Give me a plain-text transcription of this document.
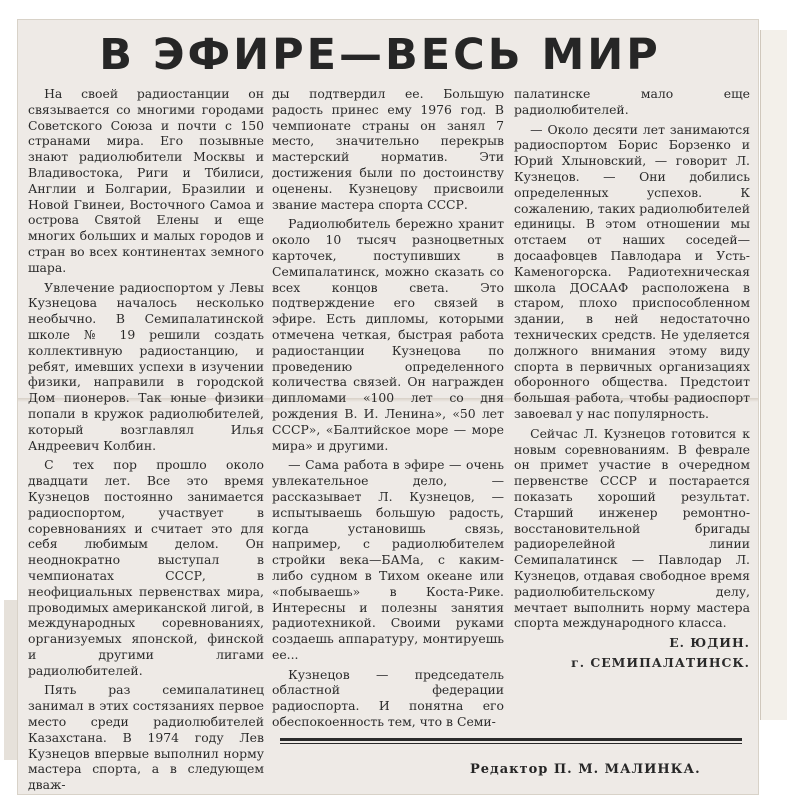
В ЭФИРЕ—ВЕСЬ МИР

На своей радиостанции он связывается со многими городами Советского Союза и почти с 150 странами мира. Его позывные знают радиолюбители Москвы и Владивостока, Риги и Тбилиси, Англии и Болгарии, Бразилии и Новой Гвинеи, Восточного Самоа и острова Святой Елены и еще многих больших и малых городов и стран во всех континентах земного шара.

Увлечение радиоспортом у Левы Кузнецова началось несколько необычно. В Семипалатинской школе № 19 решили создать коллективную радиостанцию, и ребят, имевших успехи в изучении физики, направили в городской Дом пионеров. Так юные физики попали в кружок радиолюбителей, который возглавлял Илья Андреевич Колбин.

С тех пор прошло около двадцати лет. Все это время Кузнецов постоянно занимается радиоспортом, участвует в соревнованиях и считает это для себя любимым делом. Он неоднократно выступал в чемпионатах СССР, в неофициальных первенствах мира, проводимых американской лигой, в международных соревнованиях, организуемых японской, финской и другими лигами радиолюбителей.

Пять раз семипалатинец занимал в этих состязаниях первое место среди радиолюбителей Казахстана. В 1974 году Лев Кузнецов впервые выполнил норму мастера спорта, а в следующем дваж-

ды подтвердил ее. Большую радость принес ему 1976 год. В чемпионате страны он занял 7 место, значительно перекрыв мастерский норматив. Эти достижения были по достоинству оценены. Кузнецову присвоили звание мастера спорта СССР.

Радиолюбитель бережно хранит около 10 тысяч разноцветных карточек, поступивших в Семипалатинск, можно сказать со всех концов света. Это подтверждение его связей в эфире. Есть дипломы, которыми отмечена четкая, быстрая работа радиостанции Кузнецова по проведению определенного количества связей. Он награжден дипломами «100 лет со дня рождения В. И. Ленина», «50 лет СССР», «Балтийское море — море мира» и другими.

— Сама работа в эфире — очень увлекательное дело, — рассказывает Л. Кузнецов, — испытываешь большую радость, когда установишь связь, например, с радиолюбителем стройки века—БАМа, с каким-либо судном в Тихом океане или «побываешь» в Коста-Рике. Интересны и полезны занятия радиотехникой. Своими руками создаешь аппаратуру, монтируешь ее...

Кузнецов — председатель областной федерации радиоспорта. И понятна его обеспокоенность тем, что в Семи-

палатинске мало еще радиолюбителей.

— Около десяти лет занимаются радиоспортом Борис Борзенко и Юрий Хлыновский, — говорит Л. Кузнецов. — Они добились определенных успехов. К сожалению, таких радиолюбителей единицы. В этом отношении мы отстаем от наших соседей—досаафовцев Павлодара и Усть-Каменогорска. Радиотехническая школа ДОСААФ расположена в старом, плохо приспособленном здании, в ней недостаточно технических средств. Не уделяется должного внимания этому виду спорта в первичных организациях оборонного общества. Предстоит большая работа, чтобы радиоспорт завоевал у нас популярность.

Сейчас Л. Кузнецов готовится к новым соревнованиям. В феврале он примет участие в очередном первенстве СССР и постарается показать хороший результат. Старший инженер ремонтно-восстановительной бригады радиорелейной линии Семипалатинск — Павлодар Л. Кузнецов, отдавая свободное время радиолюбительскому делу, мечтает выполнить норму мастера спорта международного класса.

Е. ЮДИН.

г. СЕМИПАЛАТИНСК.

Редактор П. М. МАЛИНКА.
